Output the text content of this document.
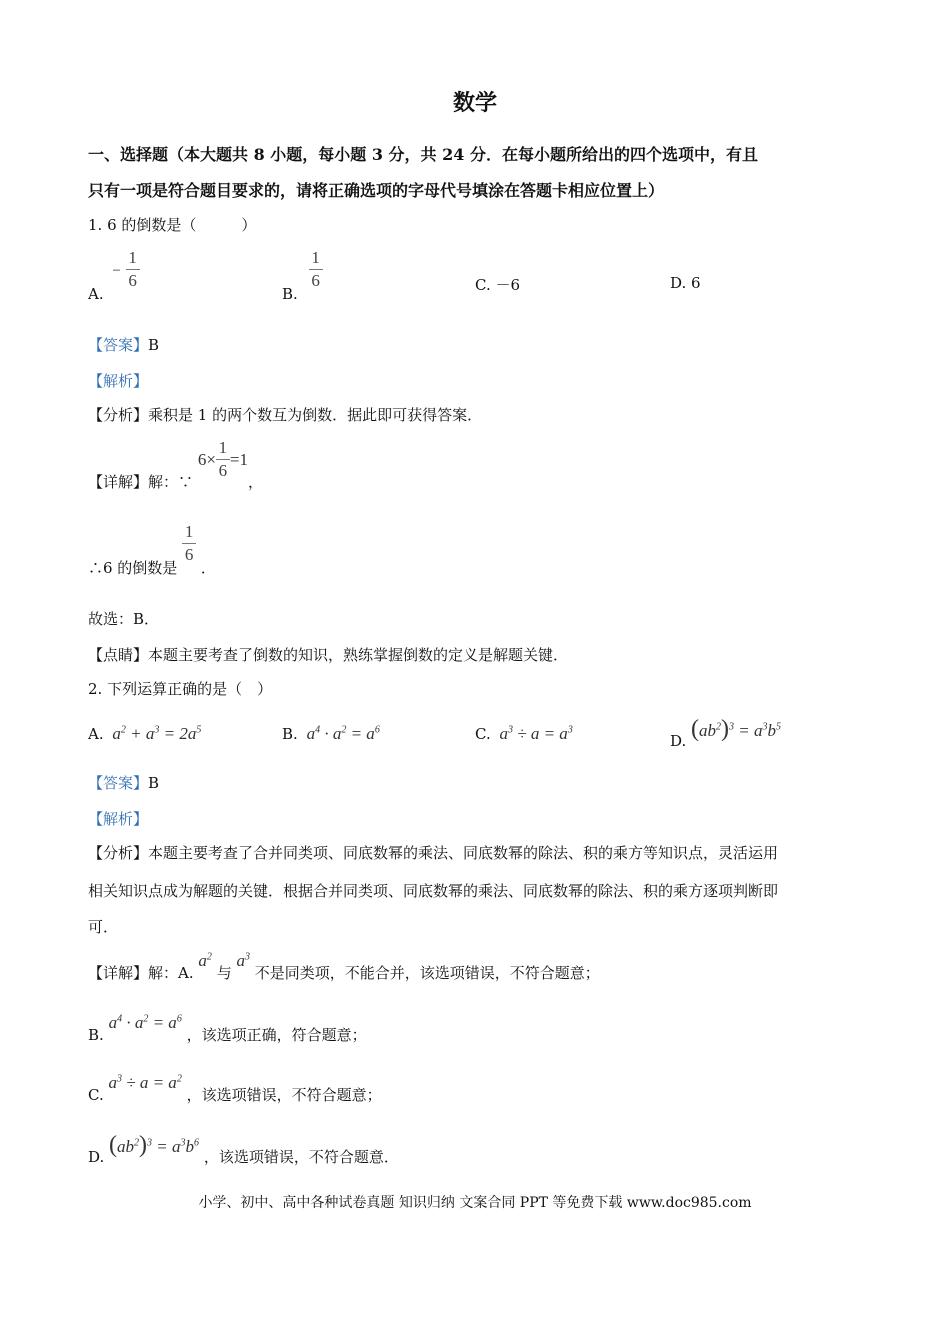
数学
一、选择题（本大题共 8 小题，每小题 3 分，共 24 分．在每小题所给出的四个选项中，有且
只有一项是符合题目要求的，请将正确选项的字母代号填涂在答题卡相应位置上）
1. 6 的倒数是（　　　）
A. − $\frac{1}{6}$
B.
$\frac{1}{6}$	C. －6	D. 6
【答案】B
【解析】
【分析】乘积是 1 的两个数互为倒数．据此即可获得答案．
【详解】解：∵ $6\times \frac{1}{6} =1$，
∴6 的倒数是
$\frac{1}{6}$
．
故选：B．
【点睛】本题主要考查了倒数的知识，熟练掌握倒数的定义是解题关键．
2. 下列运算正确的是（　）
A. $a^2 + a^3 = 2a^5$	B. $a^4 \cdot a^2 = a^6$	C. $a^3 \div a = a^3$
D. $(ab^2)^3 = a^3b^5$
【答案】B
【解析】
【分析】本题主要考查了合并同类项、同底数幂的乘法、同底数幂的除法、积的乘方等知识点，灵活运用
相关知识点成为解题的关键．根据合并同类项、同底数幂的乘法、同底数幂的除法、积的乘方逐项判断即
可．
【详解】解：A. $a^2$ 与 $a^3$ 不是同类项，不能合并，该选项错误，不符合题意；
B. $a^4 \cdot a^2 = a^6$ ，该选项正确，符合题意；
C. $a^3 \div a = a^2$ ，该选项错误，不符合题意；
D. $(ab^2)^3 = a^3b^6$ ，该选项错误，不符合题意．
小学、初中、高中各种试卷真题 知识归纳 文案合同 PPT 等免费下载 www.doc985.com
